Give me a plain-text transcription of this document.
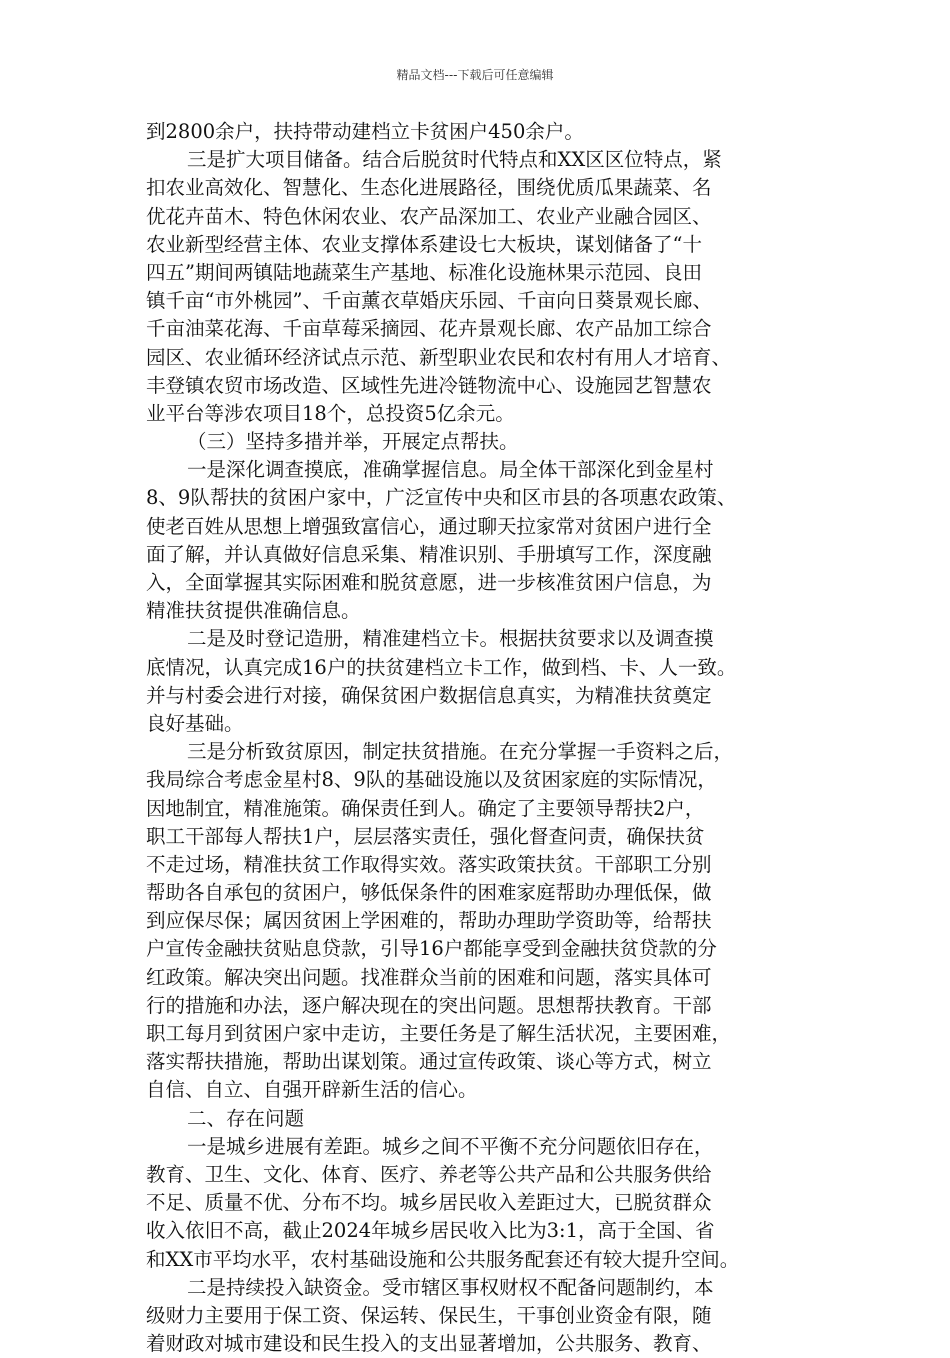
精品文档---下载后可任意编辑
到2800余户，扶持带动建档立卡贫困户450余户。
三是扩大项目储备。结合后脱贫时代特点和XX区区位特点，紧
扣农业高效化、智慧化、生态化进展路径，围绕优质瓜果蔬菜、名
优花卉苗木、特色休闲农业、农产品深加工、农业产业融合园区、
农业新型经营主体、农业支撑体系建设七大板块，谋划储备了“十
四五”期间两镇陆地蔬菜生产基地、标准化设施林果示范园、良田
镇千亩“市外桃园”、千亩薰衣草婚庆乐园、千亩向日葵景观长廊、
千亩油菜花海、千亩草莓采摘园、花卉景观长廊、农产品加工综合
园区、农业循环经济试点示范、新型职业农民和农村有用人才培育、
丰登镇农贸市场改造、区域性先进冷链物流中心、设施园艺智慧农
业平台等涉农项目18个，总投资5亿余元。
（三）坚持多措并举，开展定点帮扶。
一是深化调查摸底，准确掌握信息。局全体干部深化到金星村
8、9队帮扶的贫困户家中，广泛宣传中央和区市县的各项惠农政策、
使老百姓从思想上增强致富信心，通过聊天拉家常对贫困户进行全
面了解，并认真做好信息采集、精准识别、手册填写工作，深度融
入，全面掌握其实际困难和脱贫意愿，进一步核准贫困户信息，为
精准扶贫提供准确信息。
二是及时登记造册，精准建档立卡。根据扶贫要求以及调查摸
底情况，认真完成16户的扶贫建档立卡工作，做到档、卡、人一致。
并与村委会进行对接，确保贫困户数据信息真实，为精准扶贫奠定
良好基础。
三是分析致贫原因，制定扶贫措施。在充分掌握一手资料之后，
我局综合考虑金星村8、9队的基础设施以及贫困家庭的实际情况，
因地制宜，精准施策。确保责任到人。确定了主要领导帮扶2户，
职工干部每人帮扶1户，层层落实责任，强化督查问责，确保扶贫
不走过场，精准扶贫工作取得实效。落实政策扶贫。干部职工分别
帮助各自承包的贫困户，够低保条件的困难家庭帮助办理低保，做
到应保尽保；属因贫困上学困难的，帮助办理助学资助等，给帮扶
户宣传金融扶贫贴息贷款，引导16户都能享受到金融扶贫贷款的分
红政策。解决突出问题。找准群众当前的困难和问题，落实具体可
行的措施和办法，逐户解决现在的突出问题。思想帮扶教育。干部
职工每月到贫困户家中走访，主要任务是了解生活状况，主要困难，
落实帮扶措施，帮助出谋划策。通过宣传政策、谈心等方式，树立
自信、自立、自强开辟新生活的信心。
二、存在问题
一是城乡进展有差距。城乡之间不平衡不充分问题依旧存在，
教育、卫生、文化、体育、医疗、养老等公共产品和公共服务供给
不足、质量不优、分布不均。城乡居民收入差距过大，已脱贫群众
收入依旧不高，截止2024年城乡居民收入比为3:1，高于全国、省
和XX市平均水平，农村基础设施和公共服务配套还有较大提升空间。
二是持续投入缺资金。受市辖区事权财权不配备问题制约，本
级财力主要用于保工资、保运转、保民生，干事创业资金有限，随
着财政对城市建设和民生投入的支出显著增加，公共服务、教育、
